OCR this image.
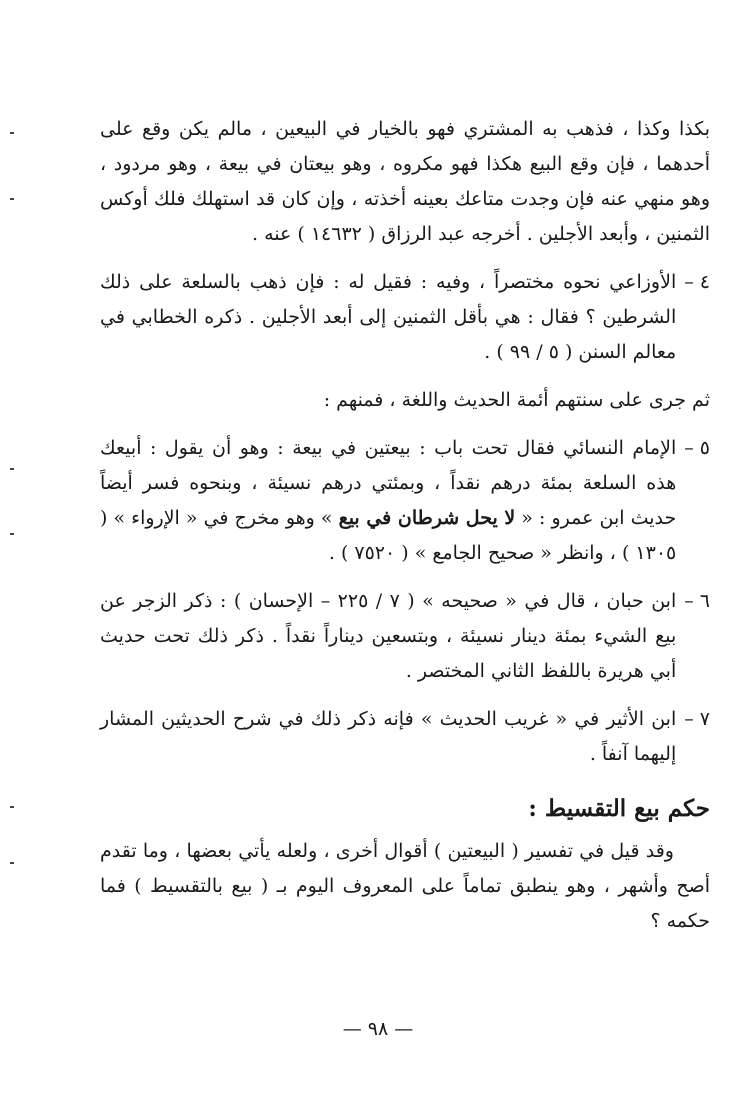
بكذا وكذا ، فذهب به المشتري فهو بالخيار في البيعين ، مالم يكن وقع على أحدهما ، فإن وقع البيع هكذا فهو مكروه ، وهو بيعتان في بيعة ، وهو مردود ، وهو منهي عنه فإن وجدت متاعك بعينه أخذته ، وإن كان قد استهلك فلك أوكس الثمنين ، وأبعد الأجلين . أخرجه عبد الرزاق ( ١٤٦٣٢ ) عنه .

٤ –
الأوزاعي نحوه مختصراً ، وفيه : فقيل له : فإن ذهب بالسلعة على ذلك الشرطين ؟ فقال : هي بأقل الثمنين إلى أبعد الأجلين . ذكره الخطابي في معالم السنن ( ٥ / ٩٩ ) .

ثم جرى على سنتهم أئمة الحديث واللغة ، فمنهم :

٥ –
الإمام النسائي فقال تحت باب : بيعتين في بيعة : وهو أن يقول : أبيعك هذه السلعة بمئة درهم نقداً ، وبمئتي درهم نسيئة ، وبنحوه فسر أيضاً حديث ابن عمرو : « لا يحل شرطان في بيع » وهو مخرج في « الإرواء » ( ١٣٠٥ ) ، وانظر « صحيح الجامع » ( ٧٥٢٠ ) .
٦ –
ابن حبان ، قال في « صحيحه » ( ٧ / ٢٢٥ – الإحسان ) : ذكر الزجر عن بيع الشيء بمئة دينار نسيئة ، وبتسعين ديناراً نقداً . ذكر ذلك تحت حديث أبي هريرة باللفظ الثاني المختصر .
٧ –
ابن الأثير في « غريب الحديث » فإنه ذكر ذلك في شرح الحديثين المشار إليهما آنفاً .
حكم بيع التقسيط :

وقد قيل في تفسير ( البيعتين ) أقوال أخرى ، ولعله يأتي بعضها ، وما تقدم أصح وأشهر ، وهو ينطبق تماماً على المعروف اليوم بـ ( بيع بالتقسيط ) فما حكمه ؟

— ٩٨ —
